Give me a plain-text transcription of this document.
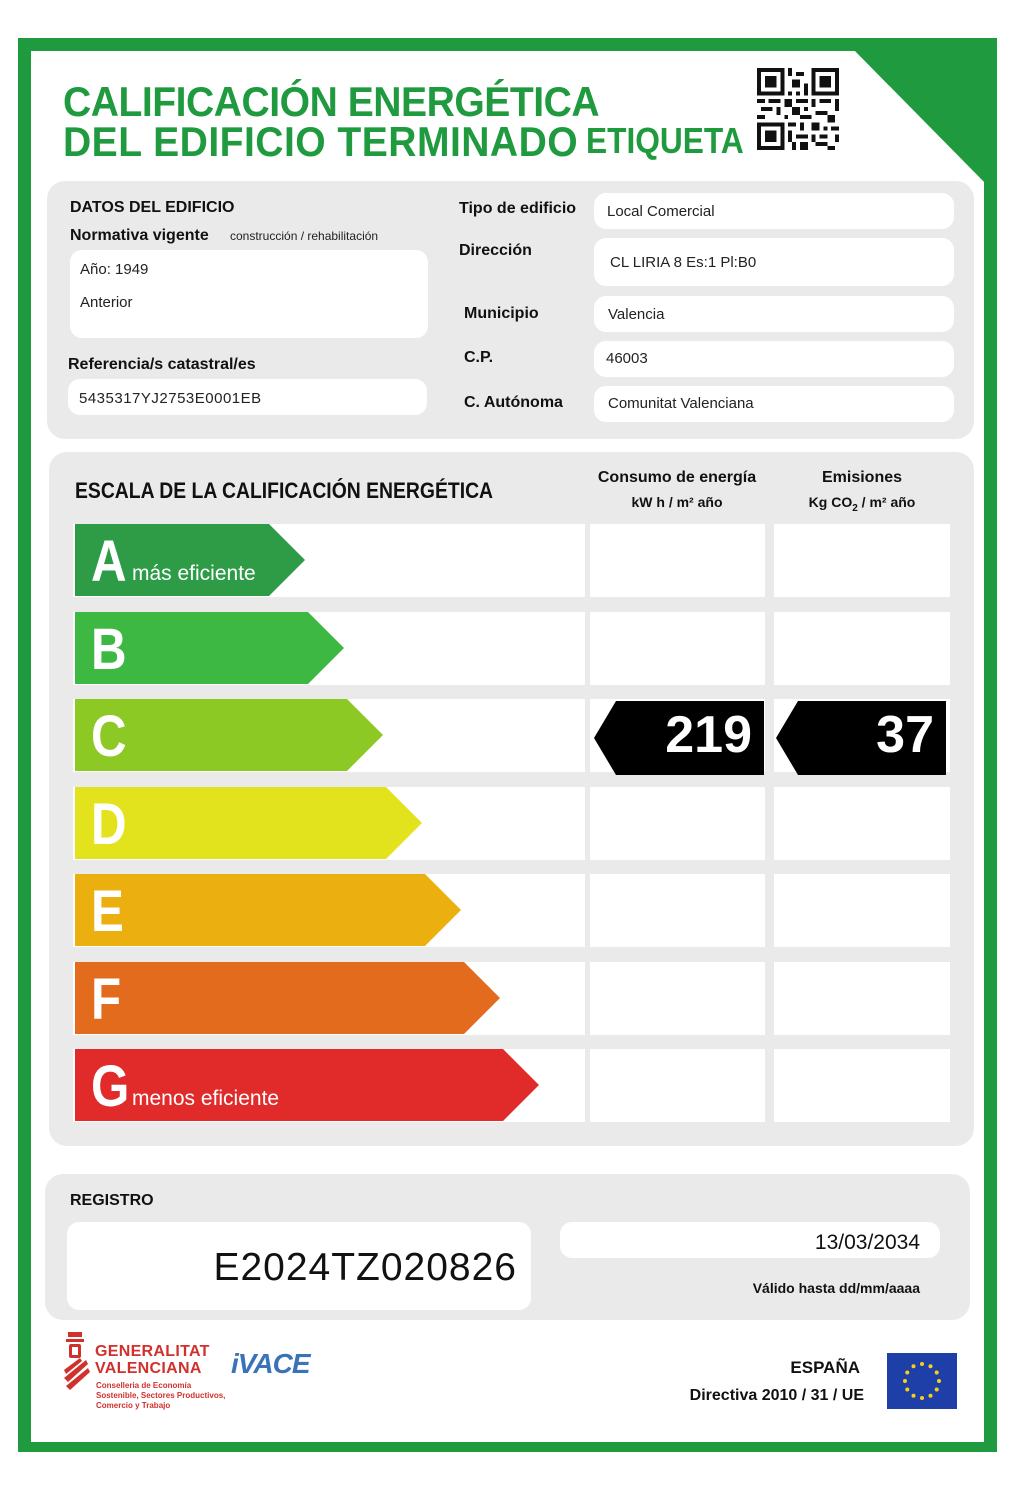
CALIFICACIÓN ENERGÉTICA
DEL EDIFICIO TERMINADO ETIQUETA
DATOS DEL EDIFICIO
Normativa vigente construcción / rehabilitación
Año: 1949
Anterior
Referencia/s catastral/es
5435317YJ2753E0001EB
Tipo de edificio Local Comercial
Dirección
CL LIRIA 8 Es:1 Pl:B0
Municipio	Valencia
C.P.	46003
C. Autónoma	Comunitat Valenciana
ESCALA DE LA CALIFICACIÓN ENERGÉTICA
Consumo de energía
kW h / m² año
Emisiones
Kg $CO_2 / m^2$ año
A más eficiente
B
C	219 37
D
E
F
G menos eficiente
REGISTRO
E2024TZ020826
13/03/2034
Válido hasta dd/mm/aaaa
GENERALITAT
VALENCIANA
Conselleria de Economía
Sostenible, Sectores Productivos,
Comercio y Trabajo
iVACE	ESPAÑA
Directiva 2010 / 31 / UE
